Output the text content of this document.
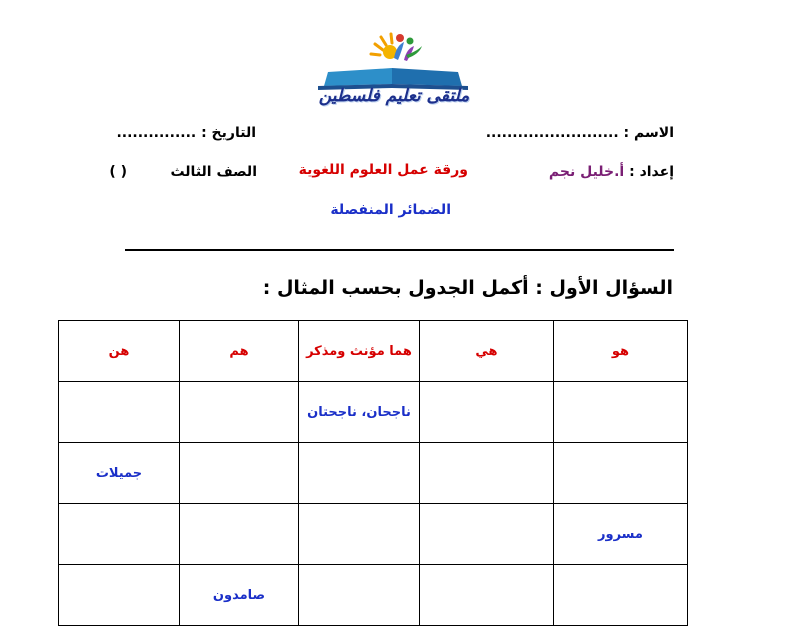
ملتقى تعليم فلسطين
الاسم : .........................
التاريخ : ...............
إعداد : أ.خليل نجم
ورقة عمل العلوم اللغوية
الصف الثالث
( )
الضمائر المنفصلة
السؤال الأول : أكمل الجدول بحسب المثال :
هو	هي	هما مؤنث ومذكر	هم	هن
		ناجحان، ناجحتان		
				جميلات
مسرور				
			صامدون	
